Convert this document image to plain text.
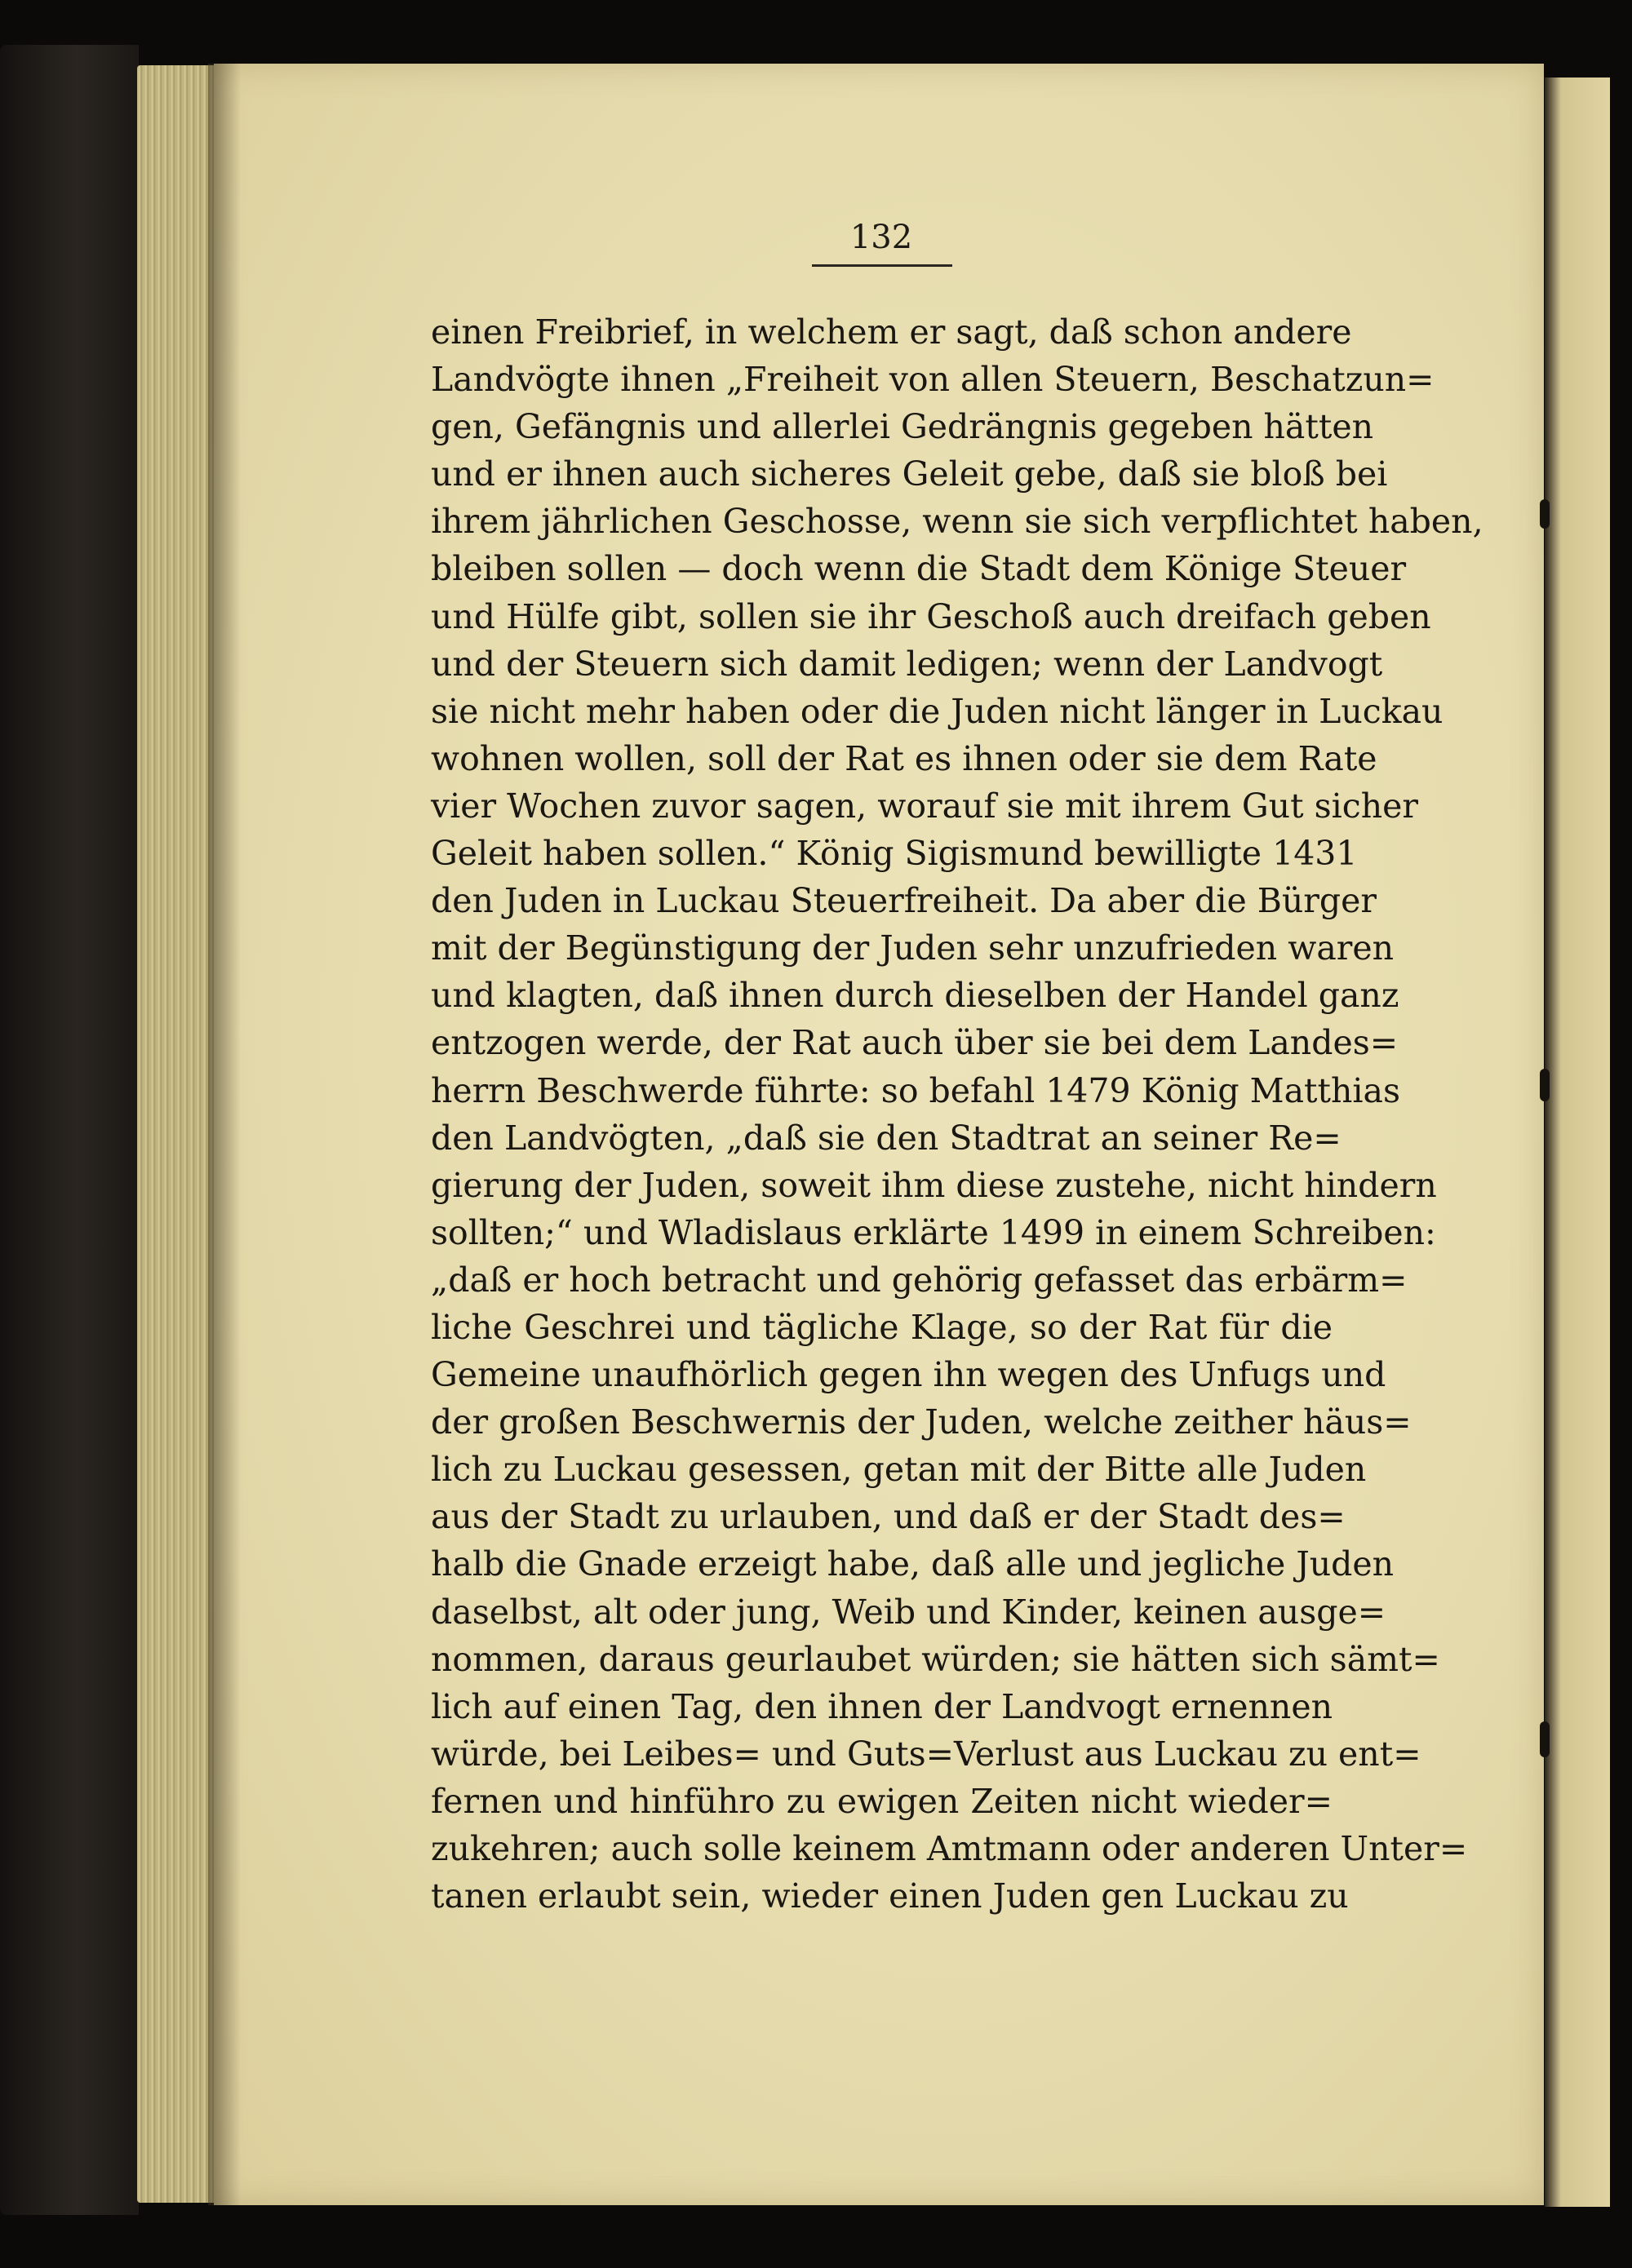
132
einen Freibrief, in welchem er sagt, daß schon andere
Landvögte ihnen „Freiheit von allen Steuern, Beschatzun=
gen, Gefängnis und allerlei Gedrängnis gegeben hätten
und er ihnen auch sicheres Geleit gebe, daß sie bloß bei
ihrem jährlichen Geschosse, wenn sie sich verpflichtet haben,
bleiben sollen — doch wenn die Stadt dem Könige Steuer
und Hülfe gibt, sollen sie ihr Geschoß auch dreifach geben
und der Steuern sich damit ledigen; wenn der Landvogt
sie nicht mehr haben oder die Juden nicht länger in Luckau
wohnen wollen, soll der Rat es ihnen oder sie dem Rate
vier Wochen zuvor sagen, worauf sie mit ihrem Gut sicher
Geleit haben sollen.“ König Sigismund bewilligte 1431
den Juden in Luckau Steuerfreiheit. Da aber die Bürger
mit der Begünstigung der Juden sehr unzufrieden waren
und klagten, daß ihnen durch dieselben der Handel ganz
entzogen werde, der Rat auch über sie bei dem Landes=
herrn Beschwerde führte: so befahl 1479 König Matthias
den Landvögten, „daß sie den Stadtrat an seiner Re=
gierung der Juden, soweit ihm diese zustehe, nicht hindern
sollten;“ und Wladislaus erklärte 1499 in einem Schreiben:
„daß er hoch betracht und gehörig gefasset das erbärm=
liche Geschrei und tägliche Klage, so der Rat für die
Gemeine unaufhörlich gegen ihn wegen des Unfugs und
der großen Beschwernis der Juden, welche zeither häus=
lich zu Luckau gesessen, getan mit der Bitte alle Juden
aus der Stadt zu urlauben, und daß er der Stadt des=
halb die Gnade erzeigt habe, daß alle und jegliche Juden
daselbst, alt oder jung, Weib und Kinder, keinen ausge=
nommen, daraus geurlaubet würden; sie hätten sich sämt=
lich auf einen Tag, den ihnen der Landvogt ernennen
würde, bei Leibes= und Guts=Verlust aus Luckau zu ent=
fernen und hinführo zu ewigen Zeiten nicht wieder=
zukehren; auch solle keinem Amtmann oder anderen Unter=
tanen erlaubt sein, wieder einen Juden gen Luckau zu
